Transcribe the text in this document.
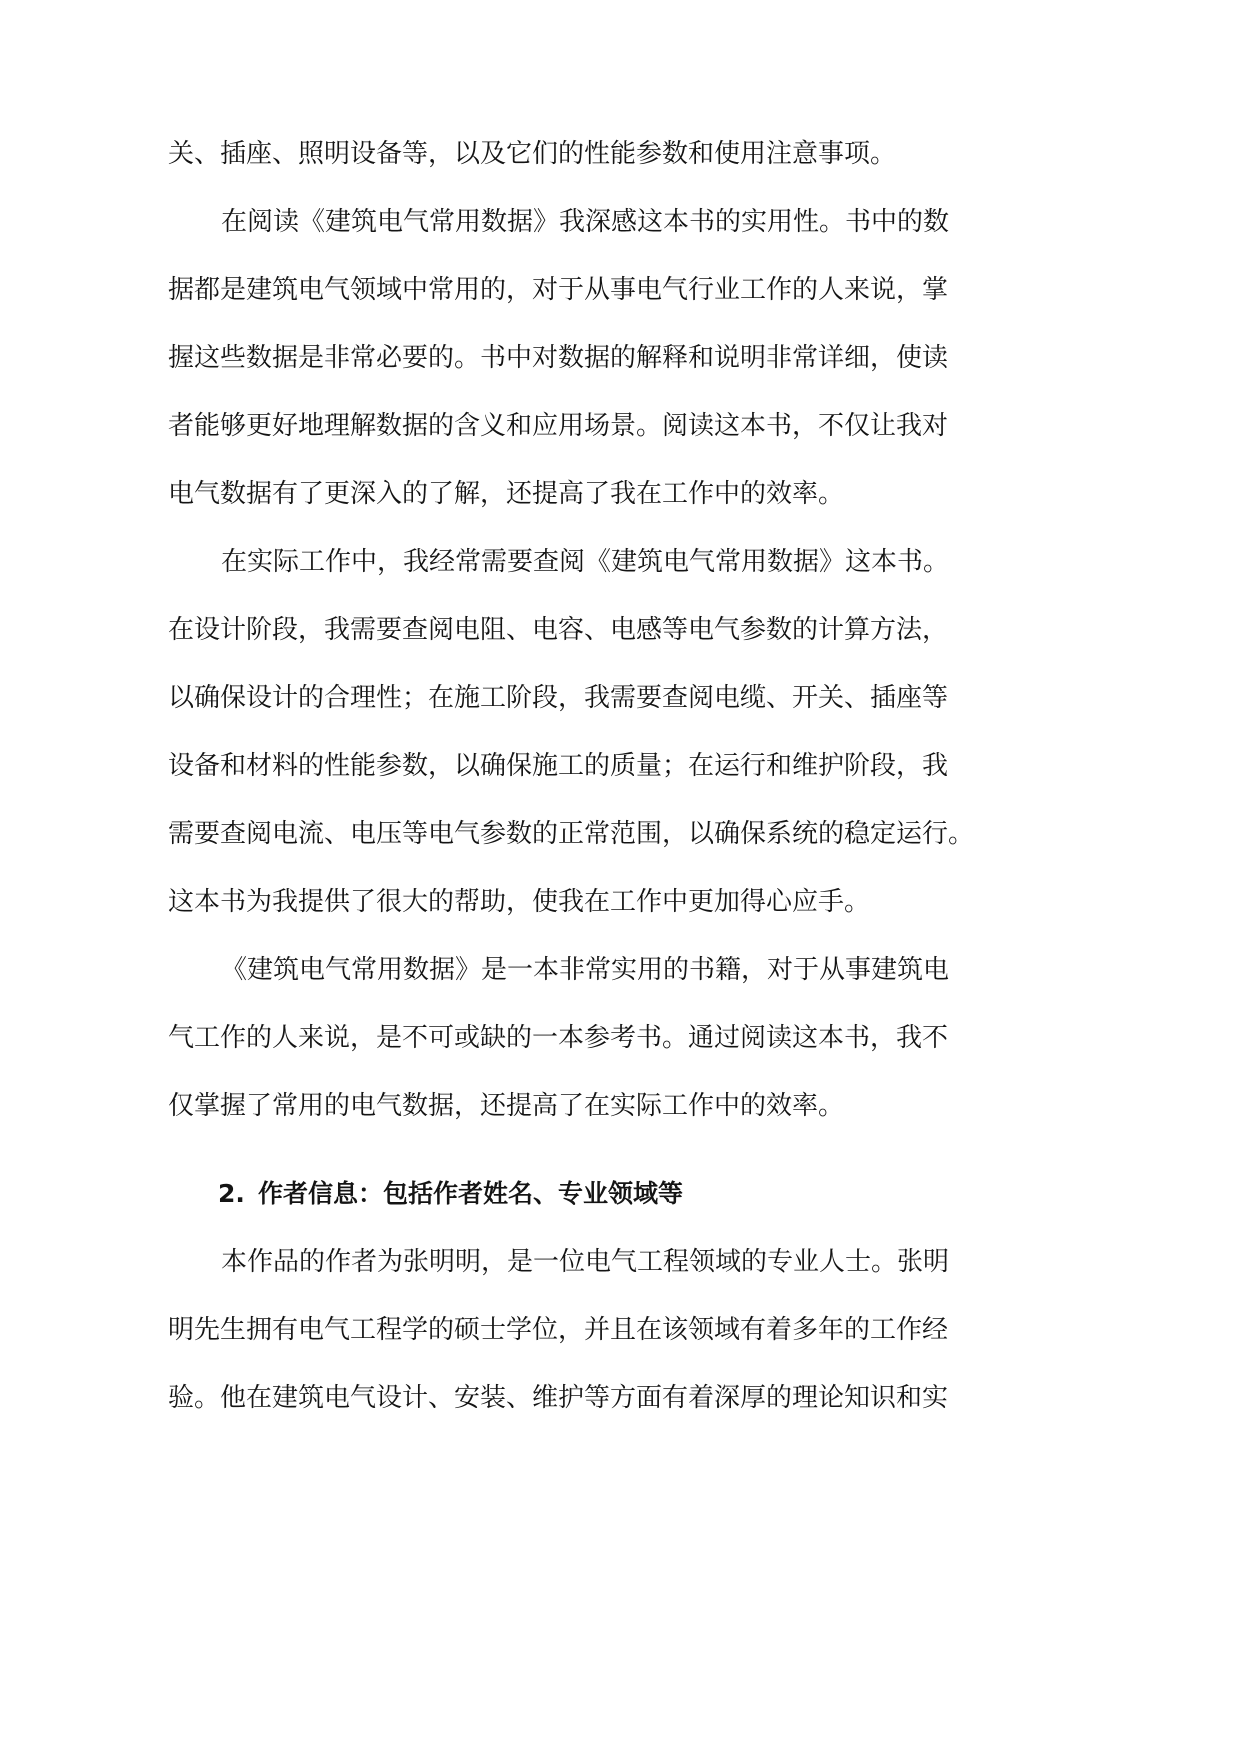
关、插座、照明设备等，以及它们的性能参数和使用注意事项。
在阅读《建筑电气常用数据》我深感这本书的实用性。书中的数
据都是建筑电气领域中常用的，对于从事电气行业工作的人来说，掌
握这些数据是非常必要的。书中对数据的解释和说明非常详细，使读
者能够更好地理解数据的含义和应用场景。阅读这本书，不仅让我对
电气数据有了更深入的了解，还提高了我在工作中的效率。
在实际工作中，我经常需要查阅《建筑电气常用数据》这本书。
在设计阶段，我需要查阅电阻、电容、电感等电气参数的计算方法，
以确保设计的合理性；在施工阶段，我需要查阅电缆、开关、插座等
设备和材料的性能参数，以确保施工的质量；在运行和维护阶段，我
需要查阅电流、电压等电气参数的正常范围，以确保系统的稳定运行。
这本书为我提供了很大的帮助，使我在工作中更加得心应手。
《建筑电气常用数据》是一本非常实用的书籍，对于从事建筑电
气工作的人来说，是不可或缺的一本参考书。通过阅读这本书，我不
仅掌握了常用的电气数据，还提高了在实际工作中的效率。
2. 作者信息：包括作者姓名、专业领域等
本作品的作者为张明明，是一位电气工程领域的专业人士。张明
明先生拥有电气工程学的硕士学位，并且在该领域有着多年的工作经
验。他在建筑电气设计、安装、维护等方面有着深厚的理论知识和实
